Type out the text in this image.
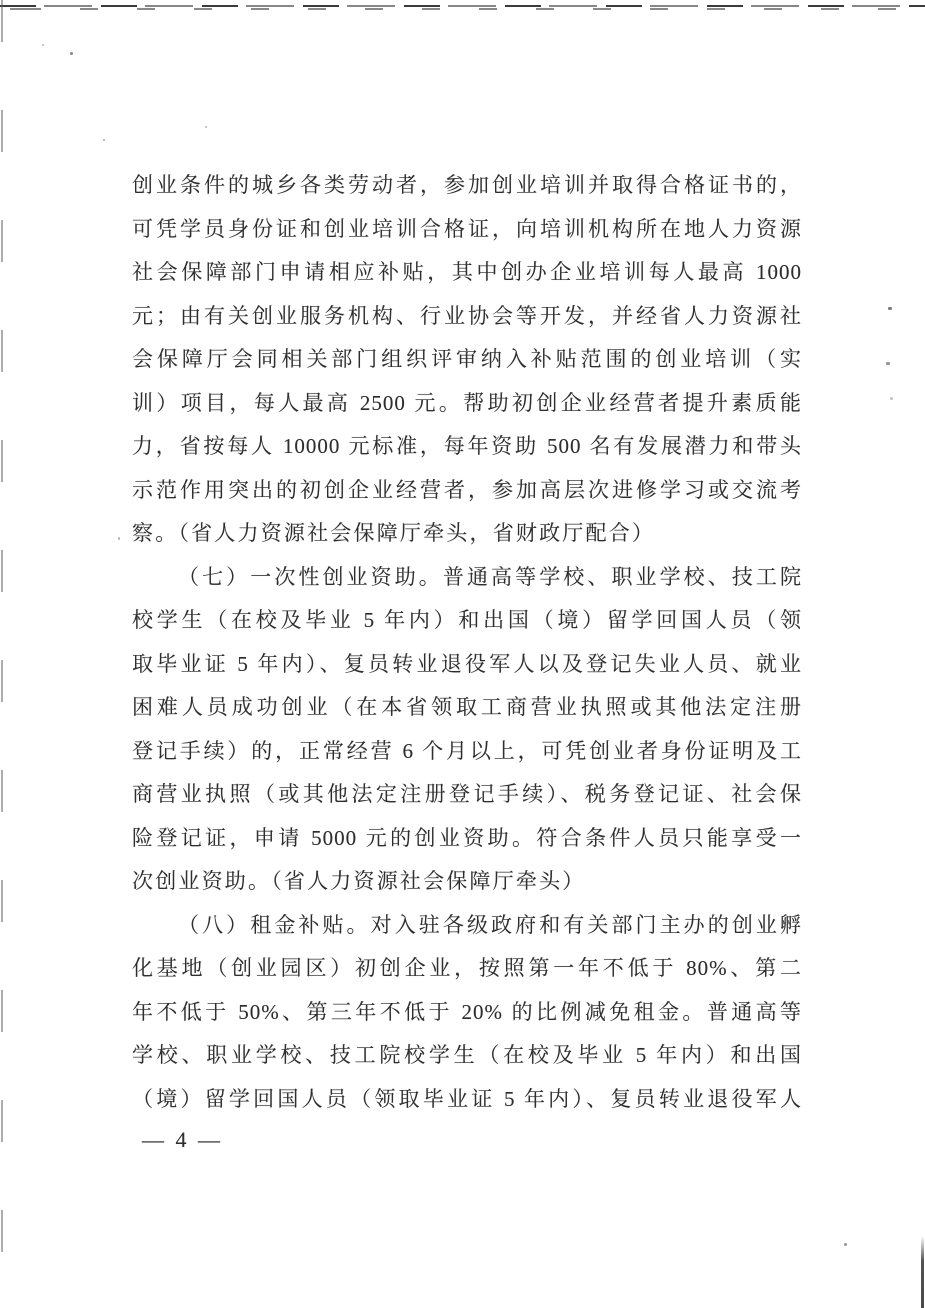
创业条件的城乡各类劳动者，参加创业培训并取得合格证书的，
可凭学员身份证和创业培训合格证，向培训机构所在地人力资源
社会保障部门申请相应补贴，其中创办企业培训每人最高 1000
元；由有关创业服务机构、行业协会等开发，并经省人力资源社
会保障厅会同相关部门组织评审纳入补贴范围的创业培训（实
训）项目，每人最高 2500 元。帮助初创企业经营者提升素质能
力，省按每人 10000 元标准，每年资助 500 名有发展潜力和带头
示范作用突出的初创企业经营者，参加高层次进修学习或交流考
察。（省人力资源社会保障厅牵头，省财政厅配合）
（七）一次性创业资助。普通高等学校、职业学校、技工院
校学生（在校及毕业 5 年内）和出国（境）留学回国人员（领
取毕业证 5 年内）、复员转业退役军人以及登记失业人员、就业
困难人员成功创业（在本省领取工商营业执照或其他法定注册
登记手续）的，正常经营 6 个月以上，可凭创业者身份证明及工
商营业执照（或其他法定注册登记手续）、税务登记证、社会保
险登记证，申请 5000 元的创业资助。符合条件人员只能享受一
次创业资助。（省人力资源社会保障厅牵头）
（八）租金补贴。对入驻各级政府和有关部门主办的创业孵
化基地（创业园区）初创企业，按照第一年不低于 80%、第二
年不低于 50%、第三年不低于 20% 的比例减免租金。普通高等
学校、职业学校、技工院校学生（在校及毕业 5 年内）和出国
（境）留学回国人员（领取毕业证 5 年内）、复员转业退役军人
— 4 —
